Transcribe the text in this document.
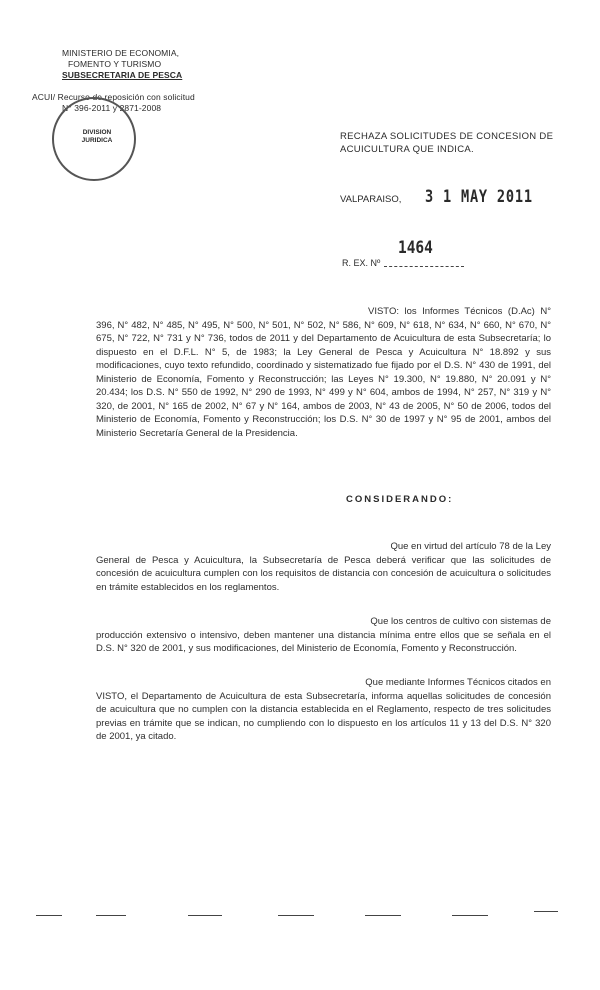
MINISTERIO DE ECONOMIA,
FOMENTO Y TURISMO
SUBSECRETARIA DE PESCA
ACUI/ Recurso de reposición con solicitud
N° 396-2011 y 2871-2008
DIVISION
JURIDICA	RECHAZA SOLICITUDES DE CONCESION DE ACUICULTURA QUE INDICA.
VALPARAISO, 3 1 MAY 2011
1464
R. EX. Nº
VISTO: los Informes Técnicos (D.Ac) N° 396, N° 482, N° 485, N° 495, N° 500, N° 501, N° 502, N° 586, N° 609, N° 618, N° 634, N° 660, N° 670, N° 675, N° 722, N° 731 y N° 736, todos de 2011 y del Departamento de Acuicultura de esta Subsecretaría; lo dispuesto en el D.F.L. N° 5, de 1983; la Ley General de Pesca y Acuicultura N° 18.892 y sus modificaciones, cuyo texto refundido, coordinado y sistematizado fue fijado por el D.S. N° 430 de 1991, del Ministerio de Economía, Fomento y Reconstrucción; las Leyes N° 19.300, N° 19.880, N° 20.091 y N° 20.434; los D.S. N° 550 de 1992, N° 290 de 1993, N° 499 y N° 604, ambos de 1994, N° 257, N° 319 y N° 320, de 2001, N° 165 de 2002, N° 67 y N° 164, ambos de 2003, N° 43 de 2005, N° 50 de 2006, todos del Ministerio de Economía, Fomento y Reconstrucción; los D.S. N° 30 de 1997 y N° 95 de 2001, ambos del Ministerio Secretaría General de la Presidencia.
CONSIDERANDO:
Que en virtud del artículo 78 de la Ley
General de Pesca y Acuicultura, la Subsecretaría de Pesca deberá verificar que las solicitudes de concesión de acuicultura cumplen con los requisitos de distancia con concesión de acuicultura o solicitudes en trámite establecidos en los reglamentos.
Que los centros de cultivo con sistemas de
producción extensivo o intensivo, deben mantener una distancia mínima entre ellos que se señala en el D.S. N° 320 de 2001, y sus modificaciones, del Ministerio de Economía, Fomento y Reconstrucción.
Que mediante Informes Técnicos citados en
VISTO, el Departamento de Acuicultura de esta Subsecretaría, informa aquellas solicitudes de concesión de acuicultura que no cumplen con la distancia establecida en el Reglamento, respecto de tres solicitudes previas en trámite que se indican, no cumpliendo con lo dispuesto en los artículos 11 y 13 del D.S. N° 320 de 2001, ya citado.
